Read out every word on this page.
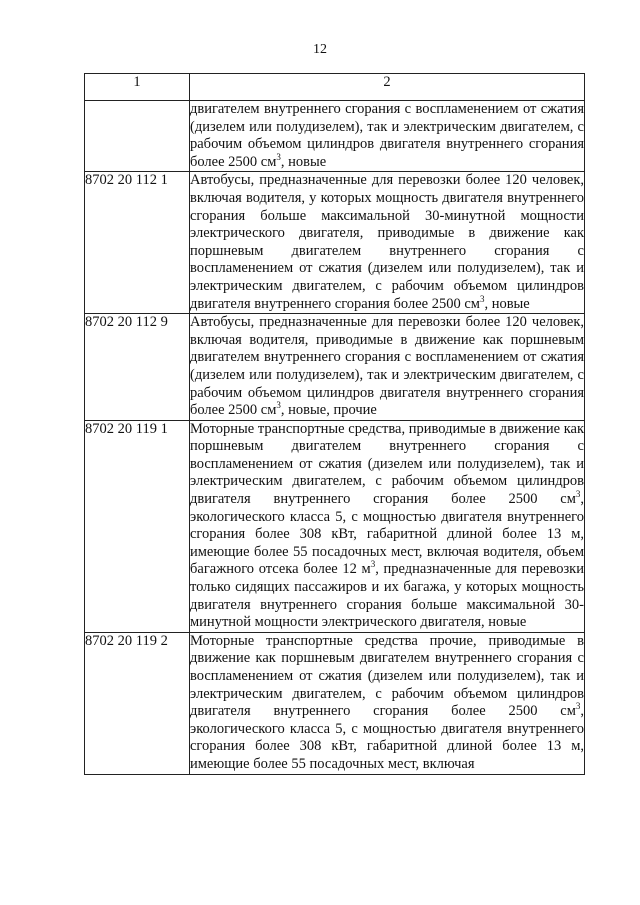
12
1	2

	двигателем внутреннего сгорания с воспламенением от сжатия (дизелем или полудизелем), так и электрическим двигателем, с рабочим объемом цилиндров двигателя внутреннего сгорания более 2500 $см^3$, новые

8702 20 112 1	Автобусы, предназначенные для перевозки более 120 человек, включая водителя, у которых мощность двигателя внутреннего сгорания больше максимальной 30-минутной мощности электрического двигателя, приводимые в движение как поршневым двигателем внутреннего сгорания с воспламенением от сжатия (дизелем или полудизелем), так и электрическим двигателем, с рабочим объемом цилиндров двигателя внутреннего сгорания более 2500 $см^3$, новые

8702 20 112 9	Автобусы, предназначенные для перевозки более 120 человек, включая водителя, приводимые в движение как поршневым двигателем внутреннего сгорания с воспламенением от сжатия (дизелем или полудизелем), так и электрическим двигателем, с рабочим объемом цилиндров двигателя внутреннего сгорания более 2500 $см^3$, новые, прочие

8702 20 119 1	Моторные транспортные средства, приводимые в движение как поршневым двигателем внутреннего сгорания с воспламенением от сжатия (дизелем или полудизелем), так и электрическим двигателем, с рабочим объемом цилиндров двигателя внутреннего сгорания более 2500 $см^3$, экологического класса 5, с мощностью двигателя внутреннего сгорания более 308 кВт, габаритной длиной более 13 м, имеющие более 55 посадочных мест, включая водителя, объем багажного отсека более 12 $м^3$, предназначенные для перевозки только сидящих пассажиров и их багажа, у которых мощность двигателя внутреннего сгорания больше максимальной 30-минутной мощности электрического двигателя, новые

8702 20 119 2	Моторные транспортные средства прочие, приводимые в движение как поршневым двигателем внутреннего сгорания с воспламенением от сжатия (дизелем или полудизелем), так и электрическим двигателем, с рабочим объемом цилиндров двигателя внутреннего сгорания более 2500 $см^3$, экологического класса 5, с мощностью двигателя внутреннего сгорания более 308 кВт, габаритной длиной более 13 м, имеющие более 55 посадочных мест, включая
